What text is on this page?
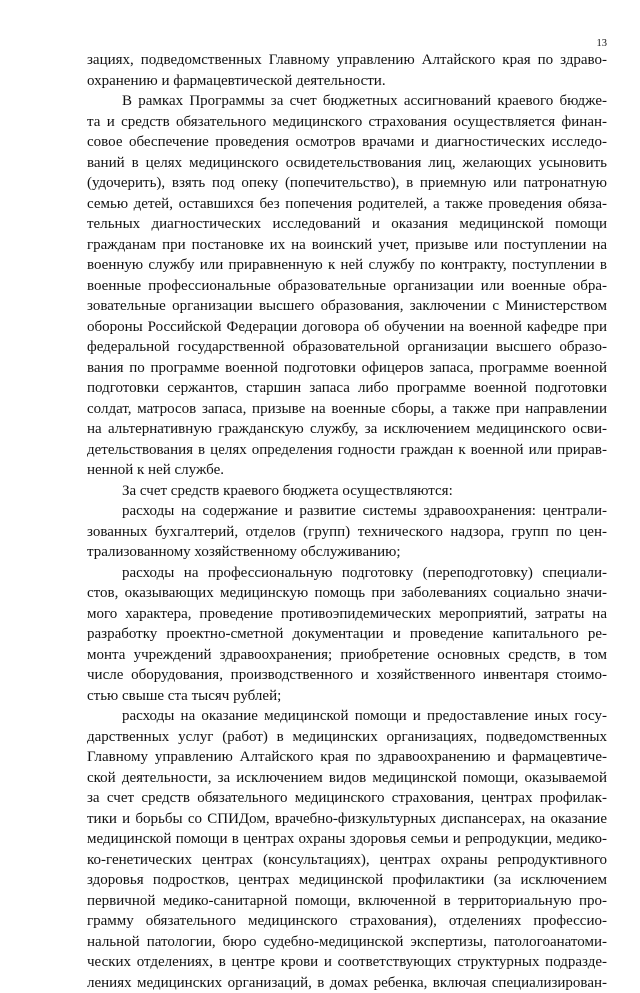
13
зациях, подведомственных Главному управлению Алтайского края по здраво-
охранению и фармацевтической деятельности.
В рамках Программы за счет бюджетных ассигнований краевого бюдже-
та и средств обязательного медицинского страхования осуществляется финан-
совое обеспечение проведения осмотров врачами и диагностических исследо-
ваний в целях медицинского освидетельствования лиц, желающих усыновить
(удочерить), взять под опеку (попечительство), в приемную или патронатную
семью детей, оставшихся без попечения родителей, а также проведения обяза-
тельных диагностических исследований и оказания медицинской помощи
гражданам при постановке их на воинский учет, призыве или поступлении на
военную службу или приравненную к ней службу по контракту, поступлении в
военные профессиональные образовательные организации или военные обра-
зовательные организации высшего образования, заключении с Министерством
обороны Российской Федерации договора об обучении на военной кафедре при
федеральной государственной образовательной организации высшего образо-
вания по программе военной подготовки офицеров запаса, программе военной
подготовки сержантов, старшин запаса либо программе военной подготовки
солдат, матросов запаса, призыве на военные сборы, а также при направлении
на альтернативную гражданскую службу, за исключением медицинского осви-
детельствования в целях определения годности граждан к военной или прирав-
ненной к ней службе.
За счет средств краевого бюджета осуществляются:
расходы на содержание и развитие системы здравоохранения: централи-
зованных бухгалтерий, отделов (групп) технического надзора, групп по цен-
трализованному хозяйственному обслуживанию;
расходы на профессиональную подготовку (переподготовку) специали-
стов, оказывающих медицинскую помощь при заболеваниях социально значи-
мого характера, проведение противоэпидемических мероприятий, затраты на
разработку проектно-сметной документации и проведение капитального ре-
монта учреждений здравоохранения; приобретение основных средств, в том
числе оборудования, производственного и хозяйственного инвентаря стоимо-
стью свыше ста тысяч рублей;
расходы на оказание медицинской помощи и предоставление иных госу-
дарственных услуг (работ) в медицинских организациях, подведомственных
Главному управлению Алтайского края по здравоохранению и фармацевтиче-
ской деятельности, за исключением видов медицинской помощи, оказываемой
за счет средств обязательного медицинского страхования, центрах профилак-
тики и борьбы со СПИДом, врачебно-физкультурных диспансерах, на оказание
медицинской помощи в центрах охраны здоровья семьи и репродукции, медико-
ко-генетических центрах (консультациях), центрах охраны репродуктивного
здоровья подростков, центрах медицинской профилактики (за исключением
первичной медико-санитарной помощи, включенной в территориальную про-
грамму обязательного медицинского страхования), отделениях профессио-
нальной патологии, бюро судебно-медицинской экспертизы, патологоанатоми-
ческих отделениях, в центре крови и соответствующих структурных подразде-
лениях медицинских организаций, в домах ребенка, включая специализирован-
